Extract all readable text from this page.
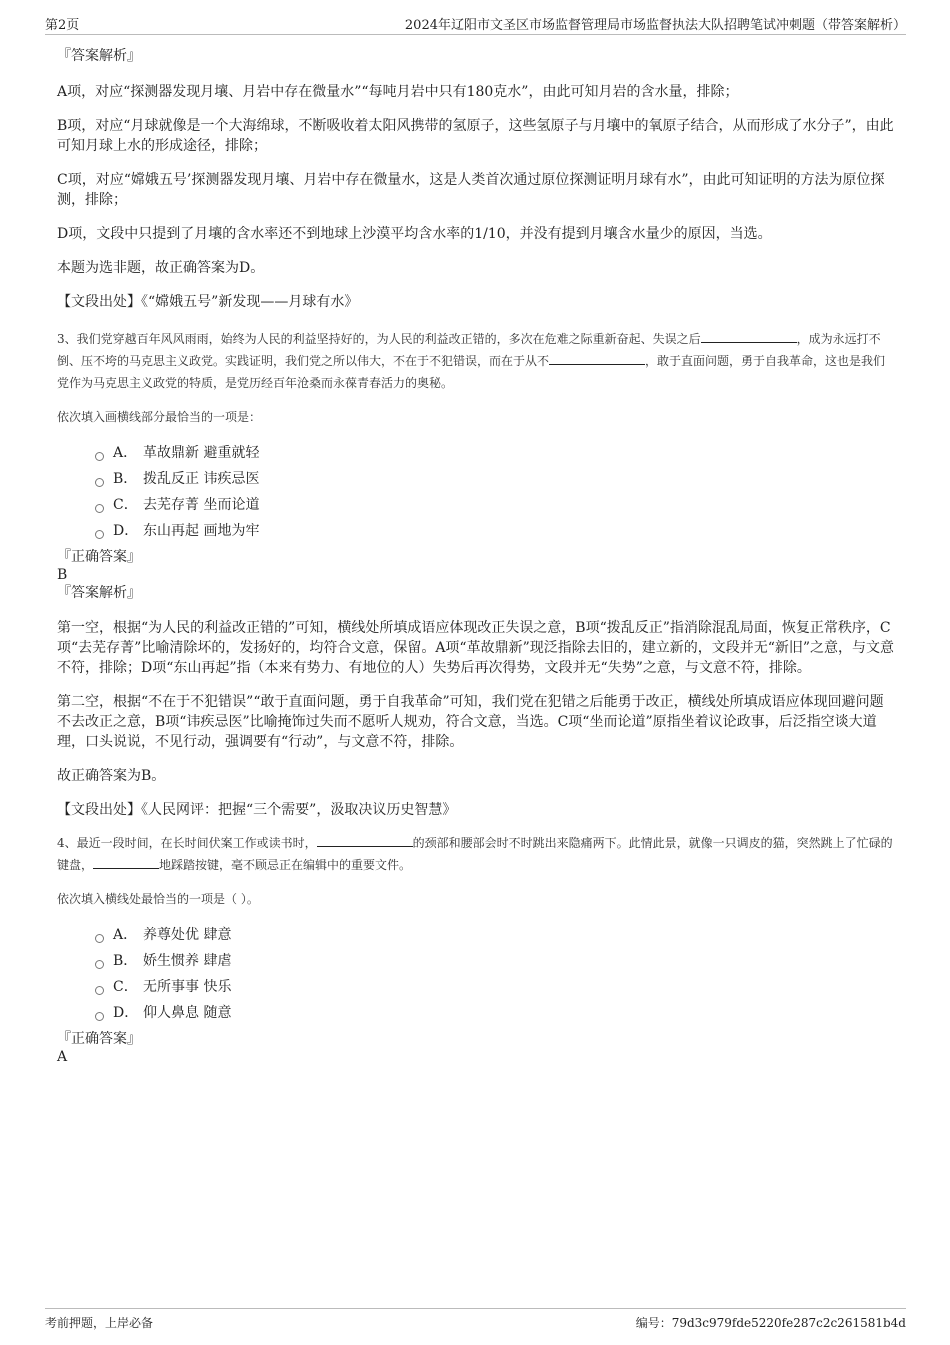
第2页	2024年辽阳市文圣区市场监督管理局市场监督执法大队招聘笔试冲刺题（带答案解析）

『答案解析』

A项，对应“探测器发现月壤、月岩中存在微量水”“每吨月岩中只有180克水”，由此可知月岩的含水量，排除；

B项，对应“月球就像是一个大海绵球，不断吸收着太阳风携带的氢原子，这些氢原子与月壤中的氧原子结合，从而形成了水分子”，由此可知月球上水的形成途径，排除；

C项，对应“嫦娥五号’探测器发现月壤、月岩中存在微量水，这是人类首次通过原位探测证明月球有水”，由此可知证明的方法为原位探测，排除；

D项，文段中只提到了月壤的含水率还不到地球上沙漠平均含水率的1/10，并没有提到月壤含水量少的原因，当选。

本题为选非题，故正确答案为D。

【文段出处】《“嫦娥五号”新发现——月球有水》

3、我们党穿越百年风风雨雨，始终为人民的利益坚持好的，为人民的利益改正错的，多次在危难之际重新奋起、失误之后	，成为永远打不倒、压不垮的马克思主义政党。实践证明，我们党之所以伟大，不在于不犯错误，而在于从不	，敢于直面问题，勇于自我革命，这也是我们党作为马克思主义政党的特质，是党历经百年沧桑而永葆青春活力的奥秘。

依次填入画横线部分最恰当的一项是：

A． 革故鼎新 避重就轻
B． 拨乱反正 讳疾忌医
C． 去芜存菁 坐而论道
D． 东山再起 画地为牢

『正确答案』

B

『答案解析』

第一空，根据“为人民的利益改正错的”可知，横线处所填成语应体现改正失误之意，B项“拨乱反正”指消除混乱局面，恢复正常秩序，C项“去芜存菁”比喻清除坏的，发扬好的，均符合文意，保留。A项“革故鼎新”现泛指除去旧的，建立新的，文段并无“新旧”之意，与文意不符，排除；D项“东山再起”指（本来有势力、有地位的人）失势后再次得势，文段并无“失势”之意，与文意不符，排除。

第二空，根据“不在于不犯错误”“敢于直面问题，勇于自我革命”可知，我们党在犯错之后能勇于改正，横线处所填成语应体现回避问题不去改正之意，B项“讳疾忌医”比喻掩饰过失而不愿听人规劝，符合文意，当选。C项“坐而论道”原指坐着议论政事，后泛指空谈大道理，口头说说，不见行动，强调要有“行动”，与文意不符，排除。

故正确答案为B。

【文段出处】《人民网评：把握“三个需要”，汲取决议历史智慧》

4、最近一段时间，在长时间伏案工作或读书时，	的颈部和腰部会时不时跳出来隐痛两下。此情此景，就像一只调皮的猫，突然跳上了忙碌的键盘，	地踩踏按键，毫不顾忌正在编辑中的重要文件。

依次填入横线处最恰当的一项是（ ）。

A． 养尊处优 肆意
B． 娇生惯养 肆虐
C． 无所事事 快乐
D． 仰人鼻息 随意

『正确答案』

A

考前押题，上岸必备	编号：79d3c979fde5220fe287c2c261581b4d
